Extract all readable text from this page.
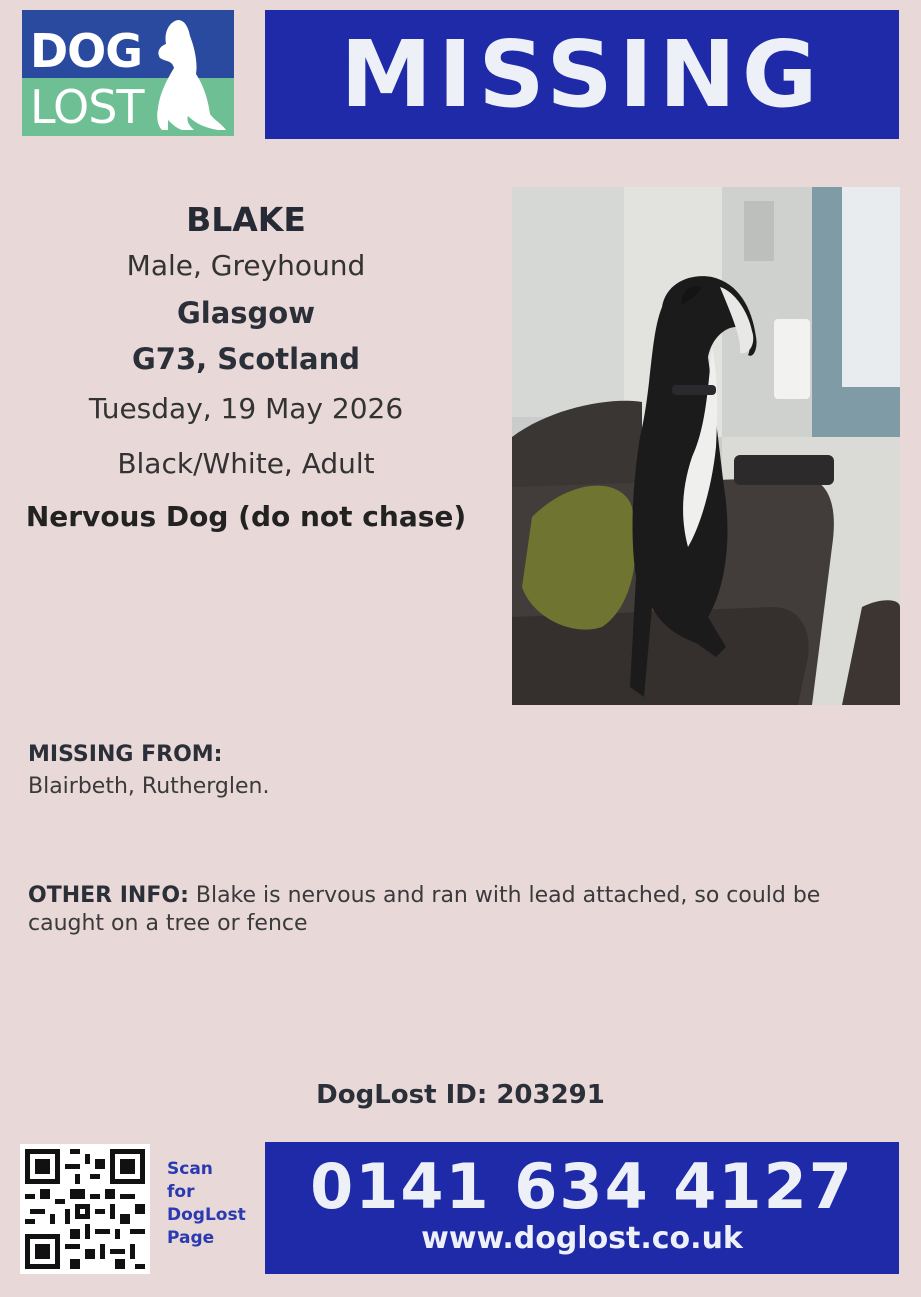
DOG
LOST	MISSING
BLAKE
Male, Greyhound
Glasgow
G73, Scotland
Tuesday, 19 May 2026
Black/White, Adult
Nervous Dog (do not chase)
MISSING FROM:
Blairbeth, Rutherglen.
OTHER INFO: Blake is nervous and ran with lead attached, so could be caught on a tree or fence
DogLost ID: 203291
Scan
for
DogLost
Page
0141 634 4127
www.doglost.co.uk
